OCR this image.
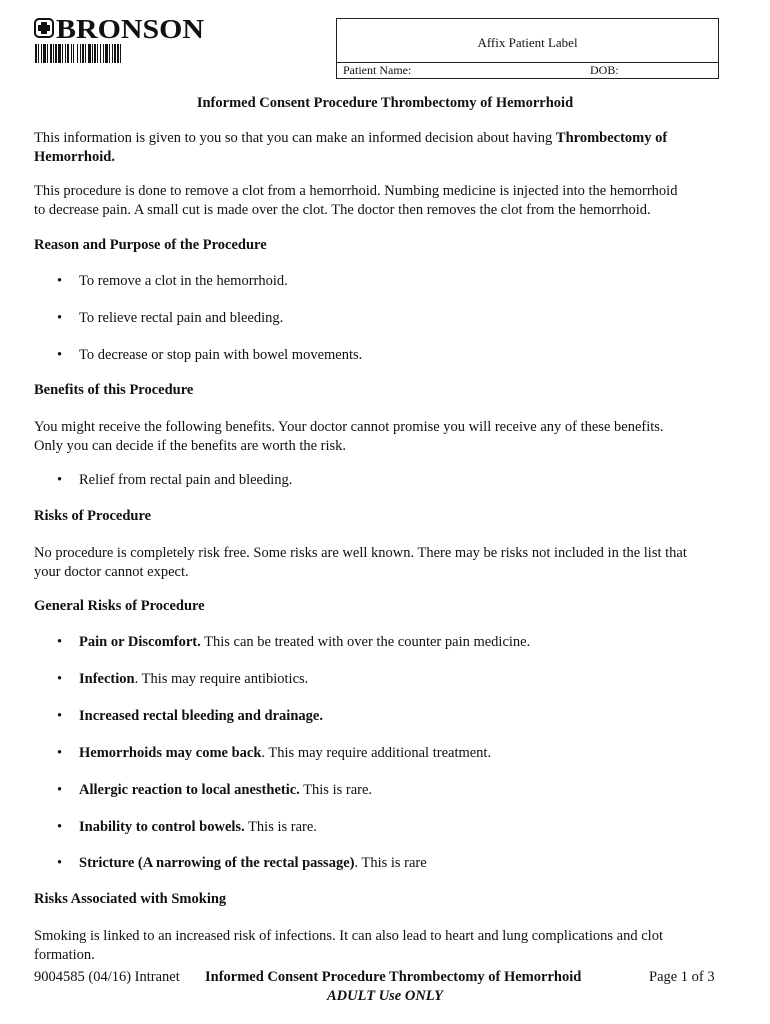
BRONSON	Affix Patient Label
Patient Name:	DOB:
Informed Consent Procedure Thrombectomy of Hemorrhoid
This information is given to you so that you can make an informed decision about having Thrombectomy of
Hemorrhoid.
This procedure is done to remove a clot from a hemorrhoid. Numbing medicine is injected into the hemorrhoid
to decrease pain. A small cut is made over the clot. The doctor then removes the clot from the hemorrhoid.
Reason and Purpose of the Procedure
• To remove a clot in the hemorrhoid.
• To relieve rectal pain and bleeding.
• To decrease or stop pain with bowel movements.
Benefits of this Procedure
You might receive the following benefits. Your doctor cannot promise you will receive any of these benefits.
Only you can decide if the benefits are worth the risk.
• Relief from rectal pain and bleeding.
Risks of Procedure
No procedure is completely risk free. Some risks are well known. There may be risks not included in the list that
your doctor cannot expect.
General Risks of Procedure
• Pain or Discomfort. This can be treated with over the counter pain medicine.
• Infection. This may require antibiotics.
• Increased rectal bleeding and drainage.
• Hemorrhoids may come back. This may require additional treatment.
• Allergic reaction to local anesthetic. This is rare.
• Inability to control bowels. This is rare.
• Stricture (A narrowing of the rectal passage). This is rare
Risks Associated with Smoking
Smoking is linked to an increased risk of infections. It can also lead to heart and lung complications and clot
formation.
9004585 (04/16) Intranet Informed Consent Procedure Thrombectomy of Hemorrhoid	Page 1 of 3
ADULT Use ONLY
